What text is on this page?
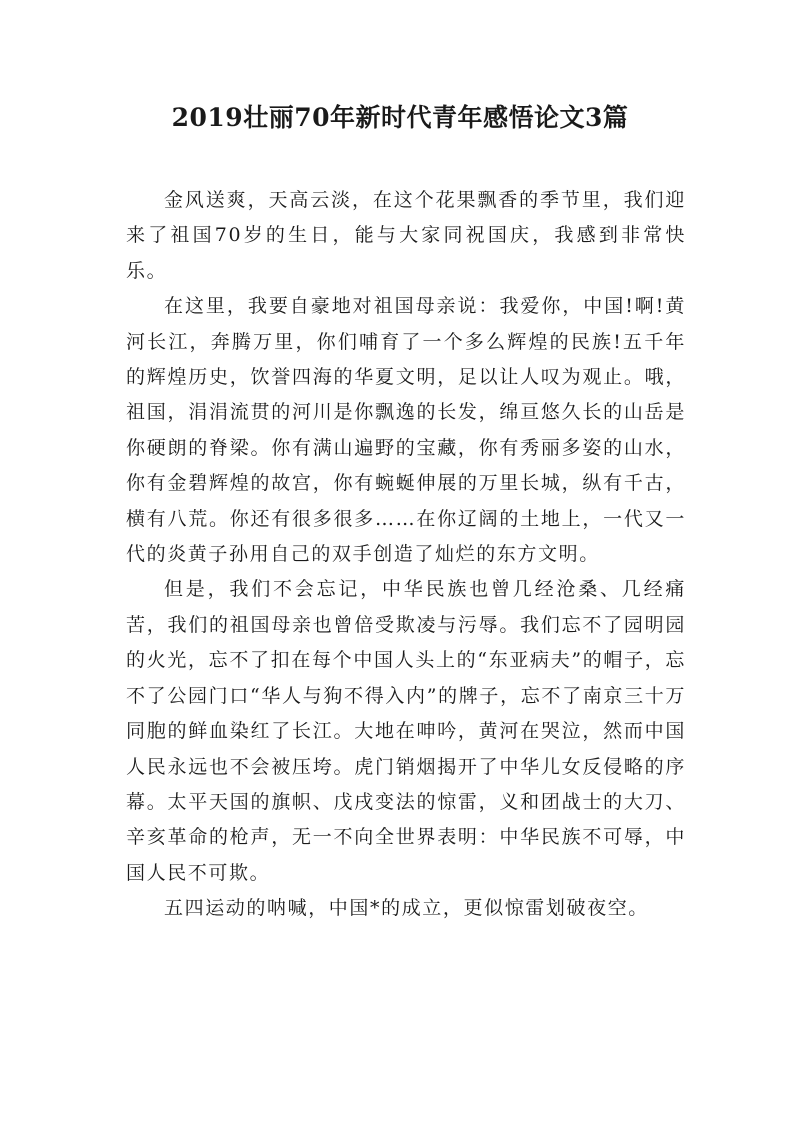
2019壮丽70年新时代青年感悟论文3篇

金风送爽，天高云淡，在这个花果飘香的季节里，我们迎来了祖国70岁的生日，能与大家同祝国庆，我感到非常快乐。

在这里，我要自豪地对祖国母亲说：我爱你，中国!啊!黄河长江，奔腾万里，你们哺育了一个多么辉煌的民族!五千年的辉煌历史，饮誉四海的华夏文明，足以让人叹为观止。哦，祖国，涓涓流贯的河川是你飘逸的长发，绵亘悠久长的山岳是你硬朗的脊梁。你有满山遍野的宝藏，你有秀丽多姿的山水，你有金碧辉煌的故宫，你有蜿蜒伸展的万里长城，纵有千古，横有八荒。你还有很多很多……在你辽阔的土地上，一代又一代的炎黄子孙用自己的双手创造了灿烂的东方文明。

但是，我们不会忘记，中华民族也曾几经沧桑、几经痛苦，我们的祖国母亲也曾倍受欺凌与污辱。我们忘不了园明园的火光，忘不了扣在每个中国人头上的“东亚病夫”的帽子，忘不了公园门口“华人与狗不得入内”的牌子，忘不了南京三十万同胞的鲜血染红了长江。大地在呻吟，黄河在哭泣，然而中国人民永远也不会被压垮。虎门销烟揭开了中华儿女反侵略的序幕。太平天国的旗帜、戊戌变法的惊雷，义和团战士的大刀、辛亥革命的枪声，无一不向全世界表明：中华民族不可辱，中国人民不可欺。

五四运动的呐喊，中国*的成立，更似惊雷划破夜空。
